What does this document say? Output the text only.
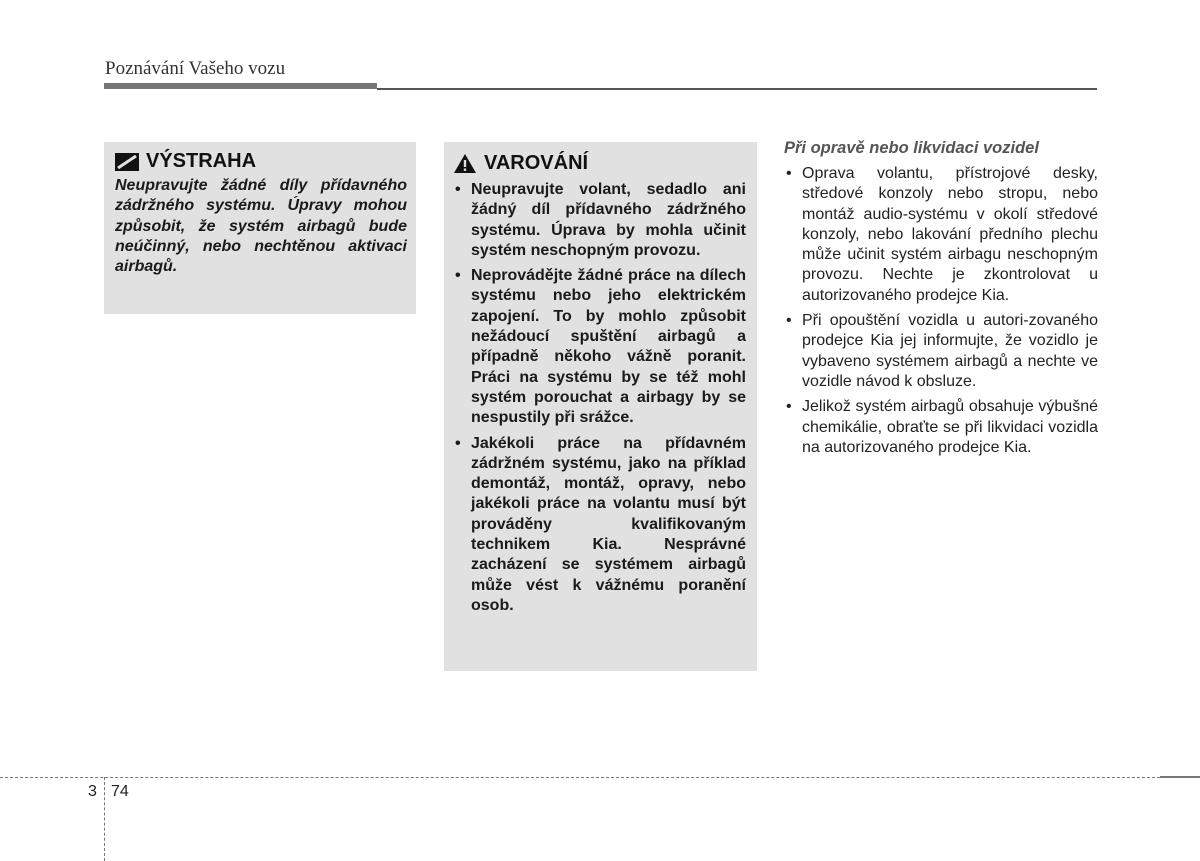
Poznávání Vašeho vozu
VÝSTRAHA
Neupravujte žádné díly přídavného zádržného systému. Úpravy mohou způsobit, že systém airbagů bude neúčinný, nebo nechtěnou aktivaci airbagů.
VAROVÁNÍ
• Neupravujte volant, sedadlo ani žádný díl přídavného zádržného systému. Úprava by mohla učinit systém neschopným provozu.
• Neprovádějte žádné práce na dílech systému nebo jeho elektrickém zapojení. To by mohlo způsobit nežádoucí spuštění airbagů a případně někoho vážně poranit. Práci na systému by se též mohl systém porouchat a airbagy by se nespustily při srážce.
• Jakékoli práce na přídavném zádržném systému, jako na příklad demontáž, montáž, opravy, nebo jakékoli práce na volantu musí být prováděny kvalifikovaným technikem Kia. Nesprávné zacházení se systémem airbagů může vést k vážnému poranění osob.
Při opravě nebo likvidaci vozidel
• Oprava volantu, přístrojové desky, středové konzoly nebo stropu, nebo montáž audio-systému v okolí středové konzoly, nebo lakování předního plechu může učinit systém airbagu neschopným provozu. Nechte je zkontrolovat u autorizovaného prodejce Kia.
• Při opouštění vozidla u autori-zovaného prodejce Kia jej informujte, že vozidlo je vybaveno systémem airbagů a nechte ve vozidle návod k obsluze.
• Jelikož systém airbagů obsahuje výbušné chemikálie, obraťte se při likvidaci vozidla na autorizovaného prodejce Kia.
3 74
